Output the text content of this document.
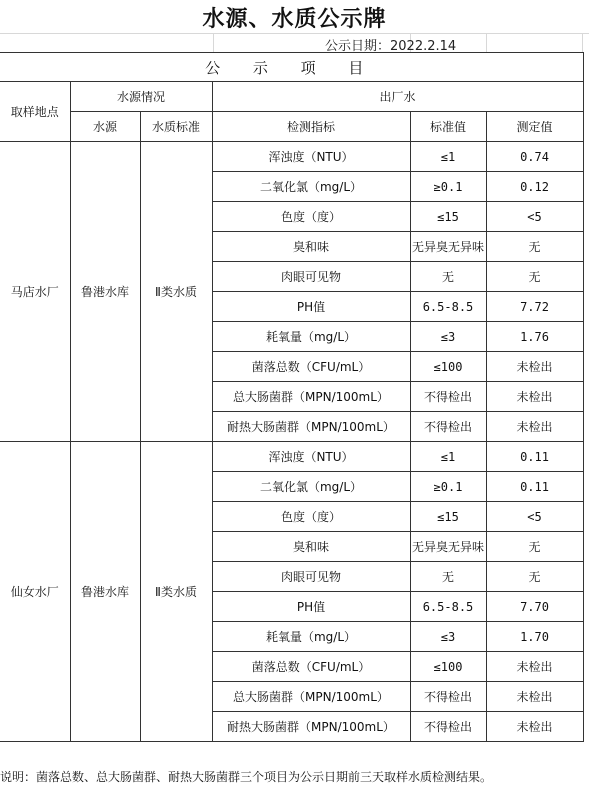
水源、水质公示牌
公示日期：2022.2.14
公 示 项 目					
取样地点	水源情况		出厂水		
	水源	水质标准	检测指标	标准值	测定值
马店水厂	鲁港水库	Ⅱ类水质	浑浊度（NTU）	≤1	0.74
			二氧化氯（mg/L）	≥0.1	0.12
			色度（度）	≤15	<5
			臭和味	无异臭无异味	无
			肉眼可见物	无	无
			PH值	6.5-8.5	7.72
			耗氧量（mg/L）	≤3	1.76
			菌落总数（CFU/mL）	≤100	未检出
			总大肠菌群（MPN/100mL）	不得检出	未检出
			耐热大肠菌群（MPN/100mL）	不得检出	未检出
仙女水厂	鲁港水库	Ⅱ类水质	浑浊度（NTU）	≤1	0.11
			二氧化氯（mg/L）	≥0.1	0.11
			色度（度）	≤15	<5
			臭和味	无异臭无异味	无
			肉眼可见物	无	无
			PH值	6.5-8.5	7.70
			耗氧量（mg/L）	≤3	1.70
			菌落总数（CFU/mL）	≤100	未检出
			总大肠菌群（MPN/100mL）	不得检出	未检出
			耐热大肠菌群（MPN/100mL）	不得检出	未检出
说明：菌落总数、总大肠菌群、耐热大肠菌群三个项目为公示日期前三天取样水质检测结果。
